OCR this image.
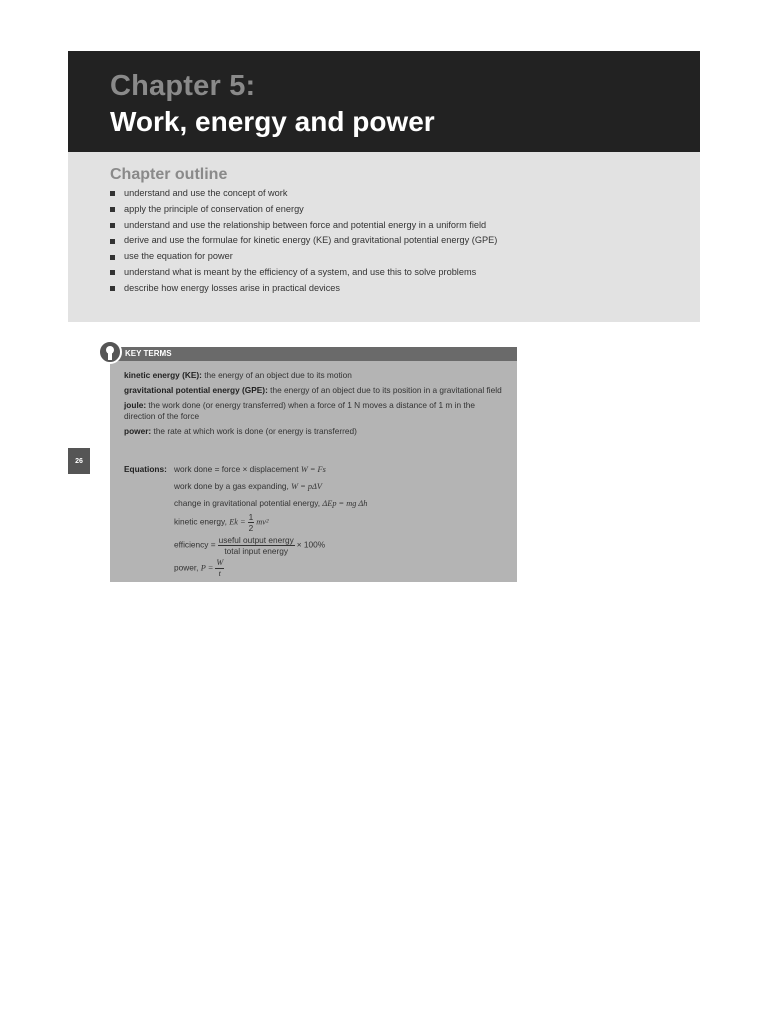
Chapter 5:
Work, energy and power
Chapter outline
understand and use the concept of work
apply the principle of conservation of energy
understand and use the relationship between force and potential energy in a uniform field
derive and use the formulae for kinetic energy (KE) and gravitational potential energy (GPE)
use the equation for power
understand what is meant by the efficiency of a system, and use this to solve problems
describe how energy losses arise in practical devices
26
KEY TERMS

kinetic energy (KE): the energy of an object due to its motion

gravitational potential energy (GPE): the energy of an object due to its position in a gravitational field

joule: the work done (or energy transferred) when a force of 1 N moves a distance of 1 m in the direction of the force

power: the rate at which work is done (or energy is transferred)

Equations: work done = force × displacement W = Fs
work done by a gas expanding, W = pΔV
change in gravitational potential energy, ΔEp = mg Δh
kinetic energy, $Ek = \frac{1}{2} mv^2$
efficiency = $\frac{\text{useful output energy}}{\text{total input energy}} \times 100\%$
power, $P = \frac{W}{t}$
